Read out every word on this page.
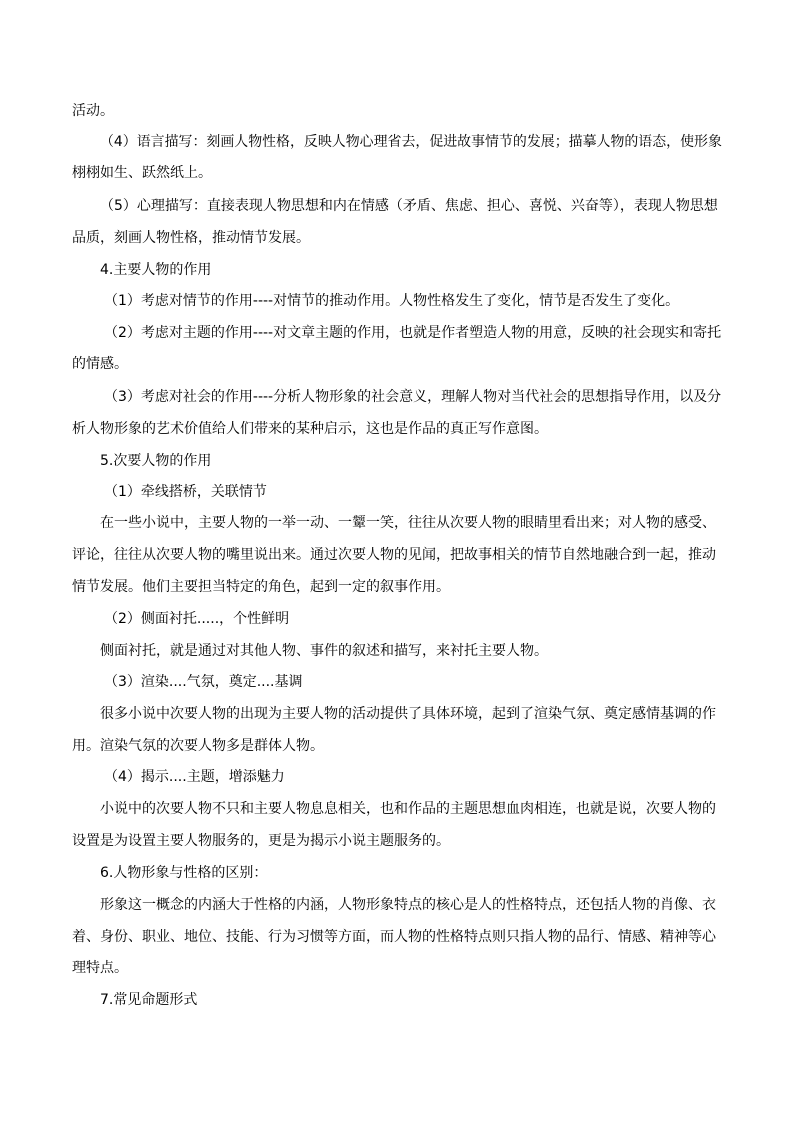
活动。
（4）语言描写：刻画人物性格，反映人物心理省去，促进故事情节的发展；描摹人物的语态，使形象
栩栩如生、跃然纸上。
（5）心理描写：直接表现人物思想和内在情感（矛盾、焦虑、担心、喜悦、兴奋等），表现人物思想
品质，刻画人物性格，推动情节发展。
4.主要人物的作用
（1）考虑对情节的作用----对情节的推动作用。人物性格发生了变化，情节是否发生了变化。
（2）考虑对主题的作用----对文章主题的作用，也就是作者塑造人物的用意，反映的社会现实和寄托
的情感。
（3）考虑对社会的作用----分析人物形象的社会意义，理解人物对当代社会的思想指导作用，以及分
析人物形象的艺术价值给人们带来的某种启示，这也是作品的真正写作意图。
5.次要人物的作用
（1）牵线搭桥，关联情节
在一些小说中，主要人物的一举一动、一颦一笑，往往从次要人物的眼睛里看出来；对人物的感受、
评论，往往从次要人物的嘴里说出来。通过次要人物的见闻，把故事相关的情节自然地融合到一起，推动
情节发展。他们主要担当特定的角色，起到一定的叙事作用。
（2）侧面衬托.....，个性鲜明
侧面衬托，就是通过对其他人物、事件的叙述和描写，来衬托主要人物。
（3）渲染....气氛，奠定....基调
很多小说中次要人物的出现为主要人物的活动提供了具体环境，起到了渲染气氛、奠定感情基调的作
用。渲染气氛的次要人物多是群体人物。
（4）揭示....主题，增添魅力
小说中的次要人物不只和主要人物息息相关，也和作品的主题思想血肉相连，也就是说，次要人物的
设置是为设置主要人物服务的，更是为揭示小说主题服务的。
6.人物形象与性格的区别：
形象这一概念的内涵大于性格的内涵，人物形象特点的核心是人的性格特点，还包括人物的肖像、衣
着、身份、职业、地位、技能、行为习惯等方面，而人物的性格特点则只指人物的品行、情感、精神等心
理特点。
7.常见命题形式
